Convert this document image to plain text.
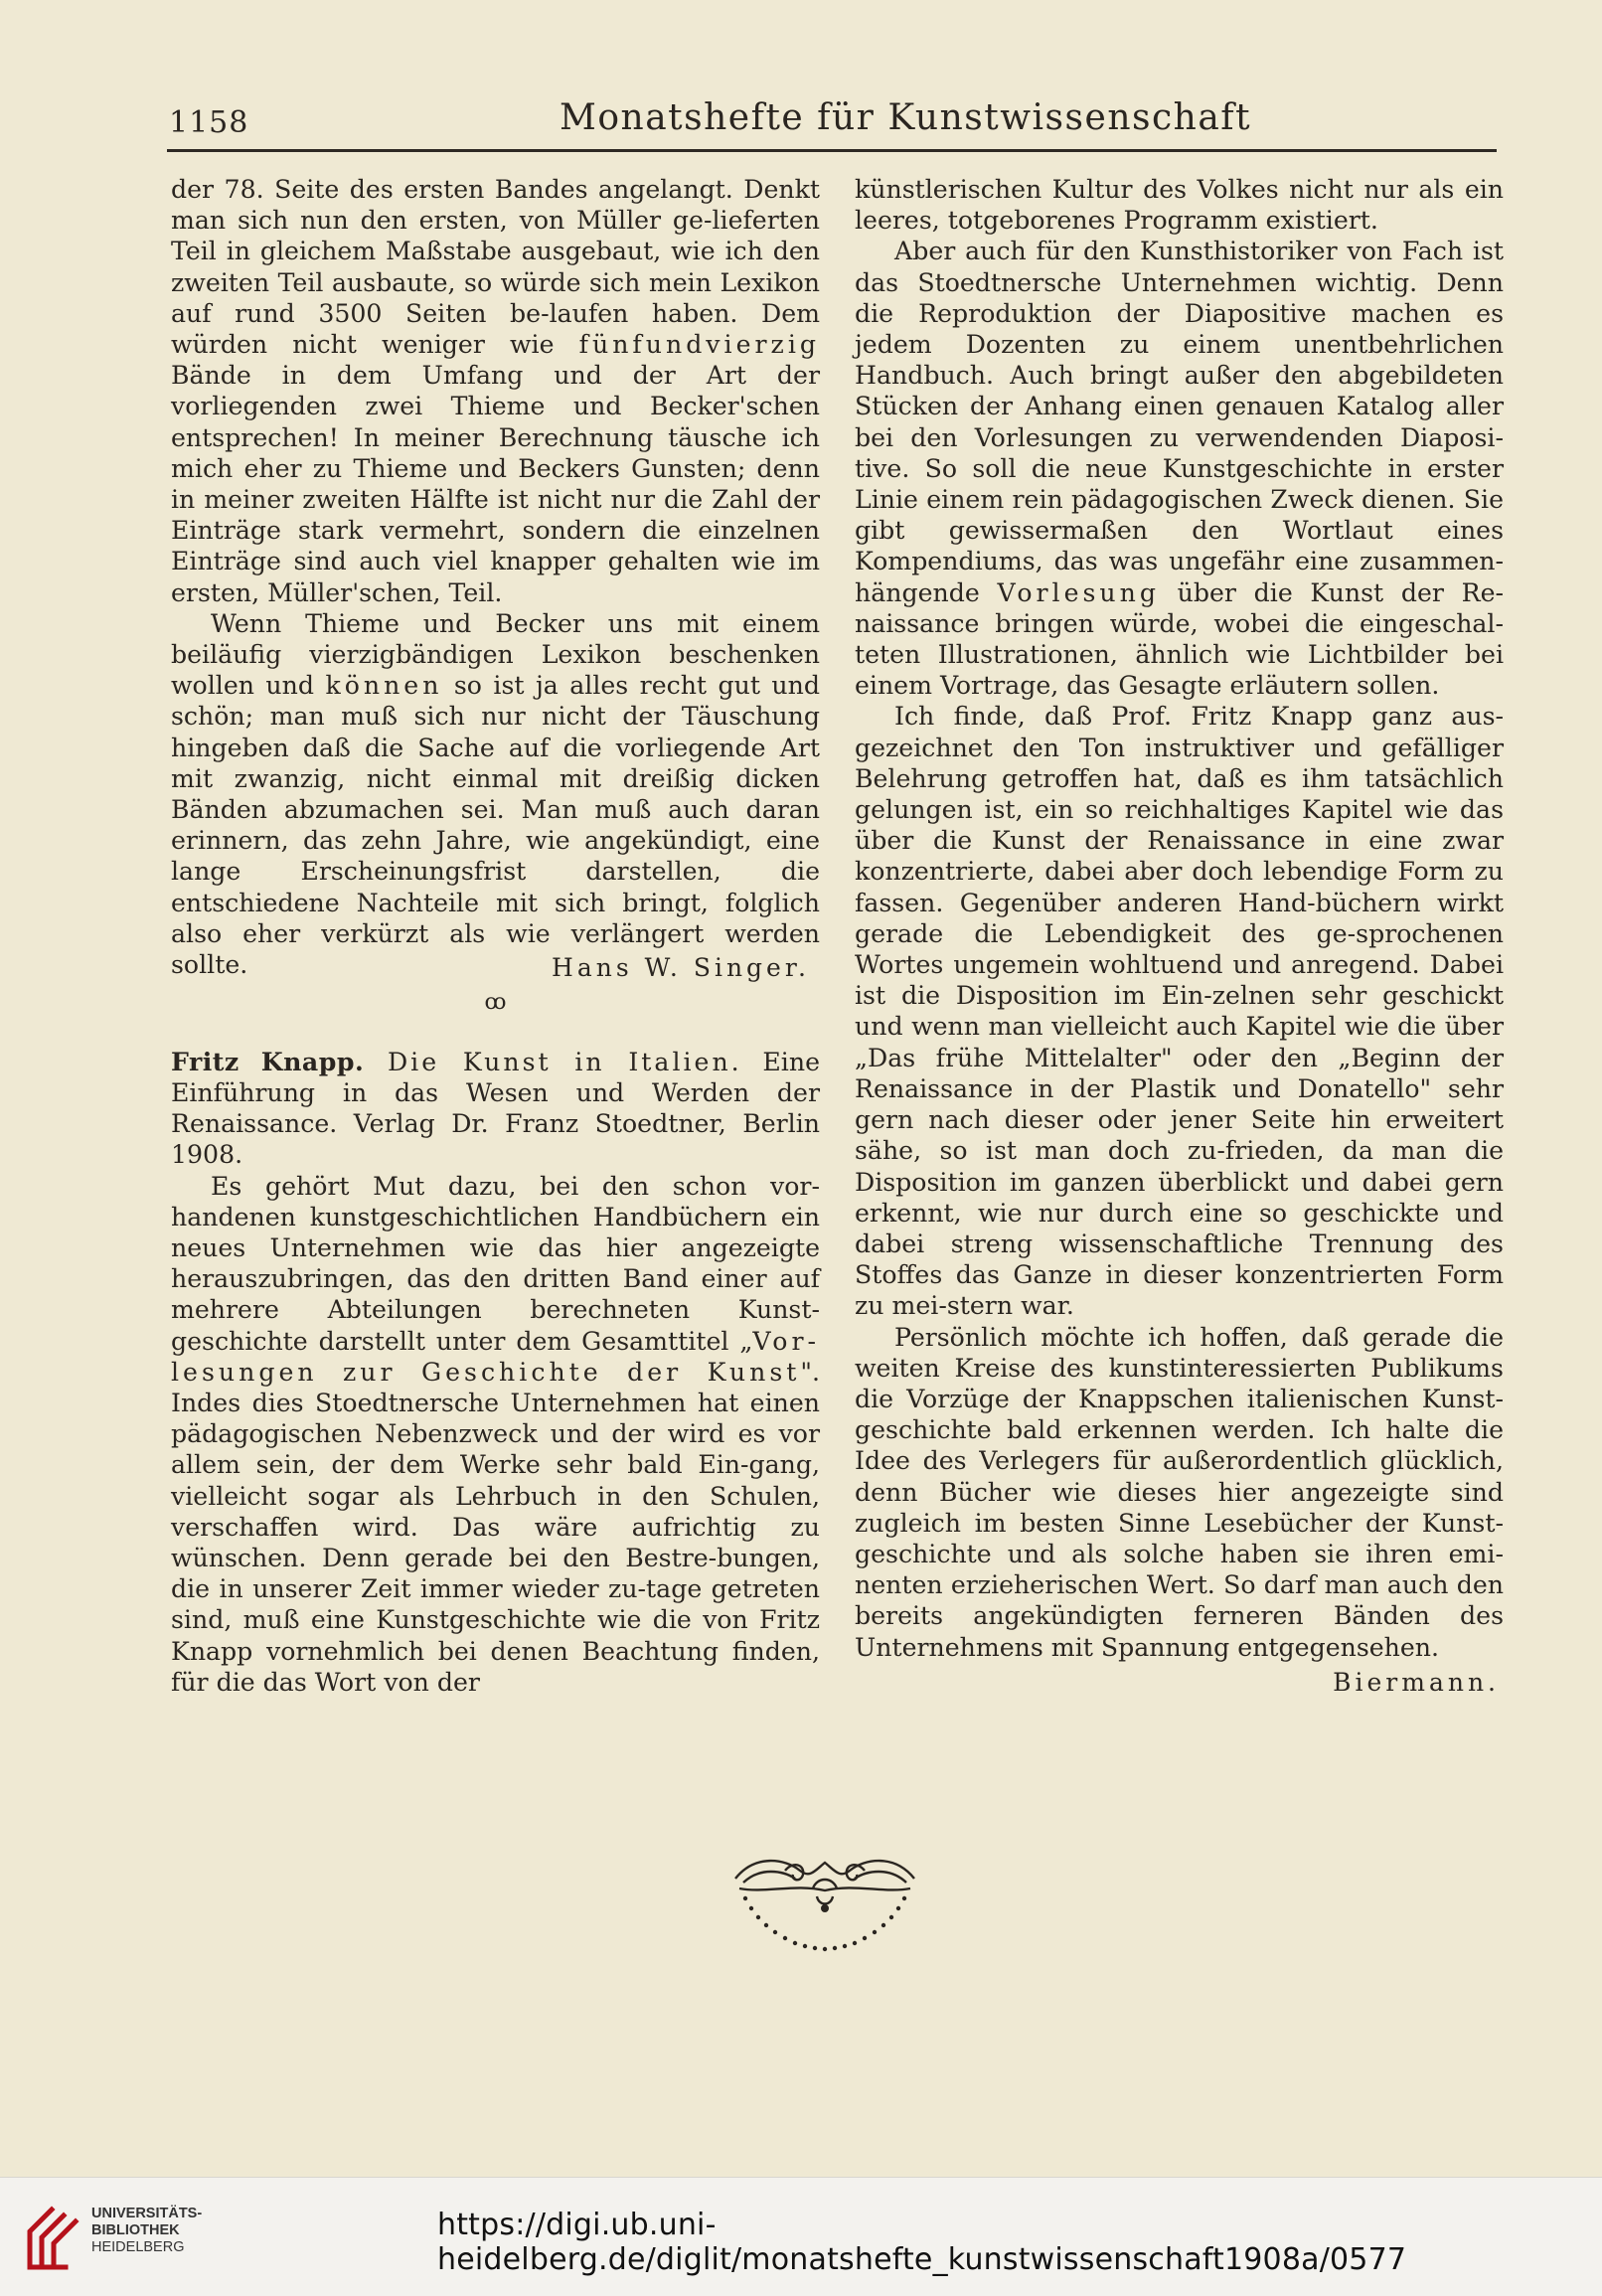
1158	Monatshefte für Kunstwissenschaft

der 78. Seite des ersten Bandes angelangt. Denkt man sich nun den ersten, von Müller ge-lieferten Teil in gleichem Maßstabe ausgebaut, wie ich den zweiten Teil ausbaute, so würde sich mein Lexikon auf rund 3500 Seiten be-laufen haben. Dem würden nicht weniger wie fünfundvierzig Bände in dem Umfang und der Art der vorliegenden zwei Thieme und Becker'schen entsprechen! In meiner Berechnung täusche ich mich eher zu Thieme und Beckers Gunsten; denn in meiner zweiten Hälfte ist nicht nur die Zahl der Einträge stark vermehrt, sondern die einzelnen Einträge sind auch viel knapper gehalten wie im ersten, Müller'schen, Teil.

Wenn Thieme und Becker uns mit einem beiläufig vierzigbändigen Lexikon beschenken wollen und können so ist ja alles recht gut und schön; man muß sich nur nicht der Täuschung hingeben daß die Sache auf die vorliegende Art mit zwanzig, nicht einmal mit dreißig dicken Bänden abzumachen sei. Man muß auch daran erinnern, das zehn Jahre, wie angekündigt, eine lange Erscheinungsfrist darstellen, die entschiedene Nachteile mit sich bringt, folglich also eher verkürzt als wie verlängert werden sollte.	Hans W. Singer.
ꝏ

Fritz Knapp. Die Kunst in Italien. Eine Einführung in das Wesen und Werden der Renaissance. Verlag Dr. Franz Stoedtner, Berlin 1908.

Es gehört Mut dazu, bei den schon vor-handenen kunstgeschichtlichen Handbüchern ein neues Unternehmen wie das hier angezeigte herauszubringen, das den dritten Band einer auf mehrere Abteilungen berechneten Kunst-geschichte darstellt unter dem Gesamttitel „Vor-lesungen zur Geschichte der Kunst". Indes dies Stoedtnersche Unternehmen hat einen pädagogischen Nebenzweck und der wird es vor allem sein, der dem Werke sehr bald Ein-gang, vielleicht sogar als Lehrbuch in den Schulen, verschaffen wird. Das wäre aufrichtig zu wünschen. Denn gerade bei den Bestre-bungen, die in unserer Zeit immer wieder zu-tage getreten sind, muß eine Kunstgeschichte wie die von Fritz Knapp vornehmlich bei denen Beachtung finden, für die das Wort von der

künstlerischen Kultur des Volkes nicht nur als ein leeres, totgeborenes Programm existiert.

Aber auch für den Kunsthistoriker von Fach ist das Stoedtnersche Unternehmen wichtig. Denn die Reproduktion der Diapositive machen es jedem Dozenten zu einem unentbehrlichen Handbuch. Auch bringt außer den abgebildeten Stücken der Anhang einen genauen Katalog aller bei den Vorlesungen zu verwendenden Diaposi-tive. So soll die neue Kunstgeschichte in erster Linie einem rein pädagogischen Zweck dienen. Sie gibt gewissermaßen den Wortlaut eines Kompendiums, das was ungefähr eine zusammen-hängende Vorlesung über die Kunst der Re-naissance bringen würde, wobei die eingeschal-teten Illustrationen, ähnlich wie Lichtbilder bei einem Vortrage, das Gesagte erläutern sollen.

Ich finde, daß Prof. Fritz Knapp ganz aus-gezeichnet den Ton instruktiver und gefälliger Belehrung getroffen hat, daß es ihm tatsächlich gelungen ist, ein so reichhaltiges Kapitel wie das über die Kunst der Renaissance in eine zwar konzentrierte, dabei aber doch lebendige Form zu fassen. Gegenüber anderen Hand-büchern wirkt gerade die Lebendigkeit des ge-sprochenen Wortes ungemein wohltuend und anregend. Dabei ist die Disposition im Ein-zelnen sehr geschickt und wenn man vielleicht auch Kapitel wie die über „Das frühe Mittelalter" oder den „Beginn der Renaissance in der Plastik und Donatello" sehr gern nach dieser oder jener Seite hin erweitert sähe, so ist man doch zu-frieden, da man die Disposition im ganzen überblickt und dabei gern erkennt, wie nur durch eine so geschickte und dabei streng wissenschaftliche Trennung des Stoffes das Ganze in dieser konzentrierten Form zu mei-stern war.

Persönlich möchte ich hoffen, daß gerade die weiten Kreise des kunstinteressierten Publikums die Vorzüge der Knappschen italienischen Kunst-geschichte bald erkennen werden. Ich halte die Idee des Verlegers für außerordentlich glücklich, denn Bücher wie dieses hier angezeigte sind zugleich im besten Sinne Lesebücher der Kunst-geschichte und als solche haben sie ihren emi-nenten erzieherischen Wert. So darf man auch den bereits angekündigten ferneren Bänden des Unternehmens mit Spannung entgegensehen.

Biermann.
UNIVERSITÄTS-
BIBLIOTHEK
HEIDELBERG
https://digi.ub.uni-heidelberg.de/diglit/monatshefte_kunstwissenschaft1908a/0577
